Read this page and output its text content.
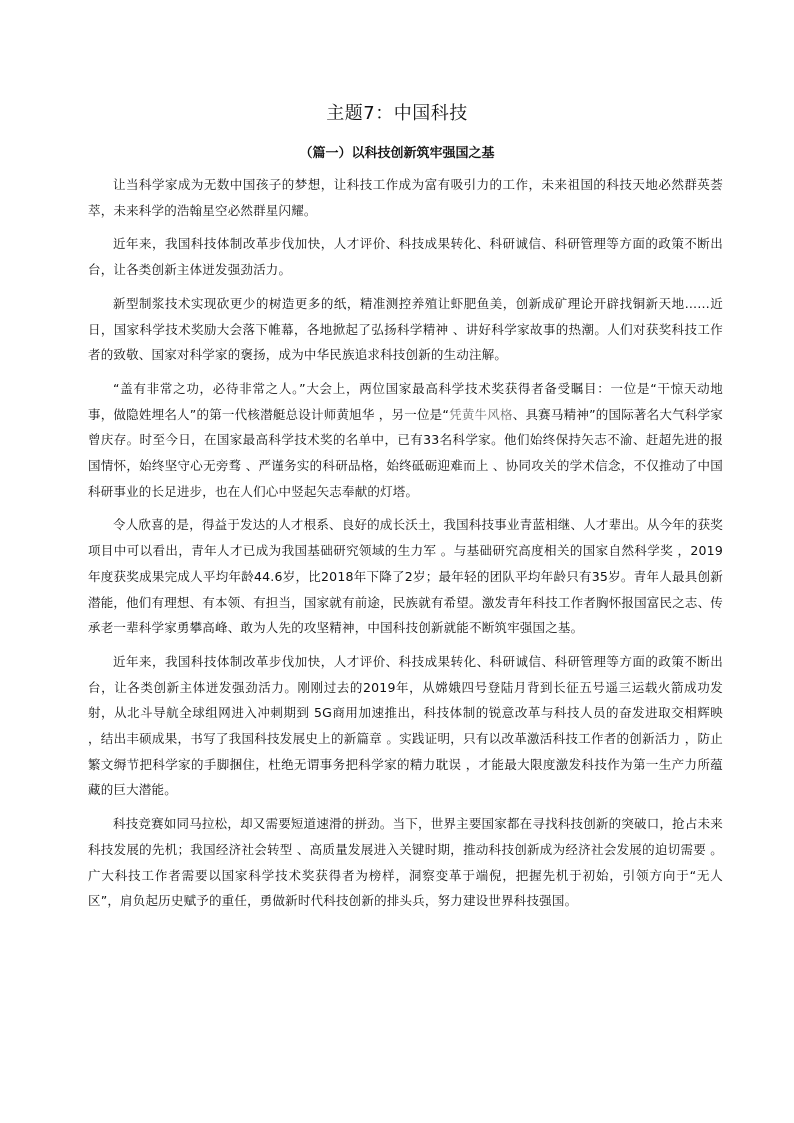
主题7：中国科技
（篇一）以科技创新筑牢强国之基

让当科学家成为无数中国孩子的梦想，让科技工作成为富有吸引力的工作，未来祖国的科技天地必然群英荟萃，未来科学的浩翰星空必然群星闪耀。

近年来，我国科技体制改革步伐加快，人才评价、科技成果转化、科研诚信、科研管理等方面的政策不断出台，让各类创新主体迸发强劲活力。

新型制浆技术实现砍更少的树造更多的纸，精准测控养殖让虾肥鱼美，创新成矿理论开辟找铜新天地……近日，国家科学技术奖励大会落下帷幕，各地掀起了弘扬科学精神 、讲好科学家故事的热潮。人们对获奖科技工作者的致敬、国家对科学家的褒扬，成为中华民族追求科技创新的生动注解。

“盖有非常之功，必待非常之人。”大会上，两位国家最高科学技术奖获得者备受瞩目：一位是“干惊天动地事，做隐姓埋名人”的第一代核潜艇总设计师黄旭华 ，另一位是“凭黄牛风格、具赛马精神”的国际著名大气科学家曾庆存。时至今日，在国家最高科学技术奖的名单中，已有33名科学家。他们始终保持矢志不渝、赶超先进的报国情怀，始终坚守心无旁骛 、严谨务实的科研品格，始终砥砺迎难而上 、协同攻关的学术信念，不仅推动了中国科研事业的长足进步，也在人们心中竖起矢志奉献的灯塔。

令人欣喜的是，得益于发达的人才根系、良好的成长沃土，我国科技事业青蓝相继、人才辈出。从今年的获奖项目中可以看出，青年人才已成为我国基础研究领域的生力军 。与基础研究高度相关的国家自然科学奖 ，2019年度获奖成果完成人平均年龄44.6岁，比2018年下降了2岁；最年轻的团队平均年龄只有35岁。青年人最具创新潜能，他们有理想、有本领、有担当，国家就有前途，民族就有希望。激发青年科技工作者胸怀报国富民之志、传承老一辈科学家勇攀高峰、敢为人先的攻坚精神，中国科技创新就能不断筑牢强国之基。

近年来，我国科技体制改革步伐加快，人才评价、科技成果转化、科研诚信、科研管理等方面的政策不断出台，让各类创新主体迸发强劲活力。刚刚过去的2019年，从嫦娥四号登陆月背到长征五号遥三运载火箭成功发射，从北斗导航全球组网进入冲刺期到 5G商用加速推出，科技体制的锐意改革与科技人员的奋发进取交相辉映 ，结出丰硕成果，书写了我国科技发展史上的新篇章 。实践证明，只有以改革激活科技工作者的创新活力 ，防止繁文缛节把科学家的手脚捆住，杜绝无谓事务把科学家的精力耽误 ，才能最大限度激发科技作为第一生产力所蕴藏的巨大潜能。

科技竞赛如同马拉松，却又需要短道速滑的拼劲。当下，世界主要国家都在寻找科技创新的突破口，抢占未来科技发展的先机；我国经济社会转型 、高质量发展进入关键时期，推动科技创新成为经济社会发展的迫切需要 。广大科技工作者需要以国家科学技术奖获得者为榜样，洞察变革于端倪，把握先机于初始，引领方向于“无人区”，肩负起历史赋予的重任，勇做新时代科技创新的排头兵，努力建设世界科技强国。
